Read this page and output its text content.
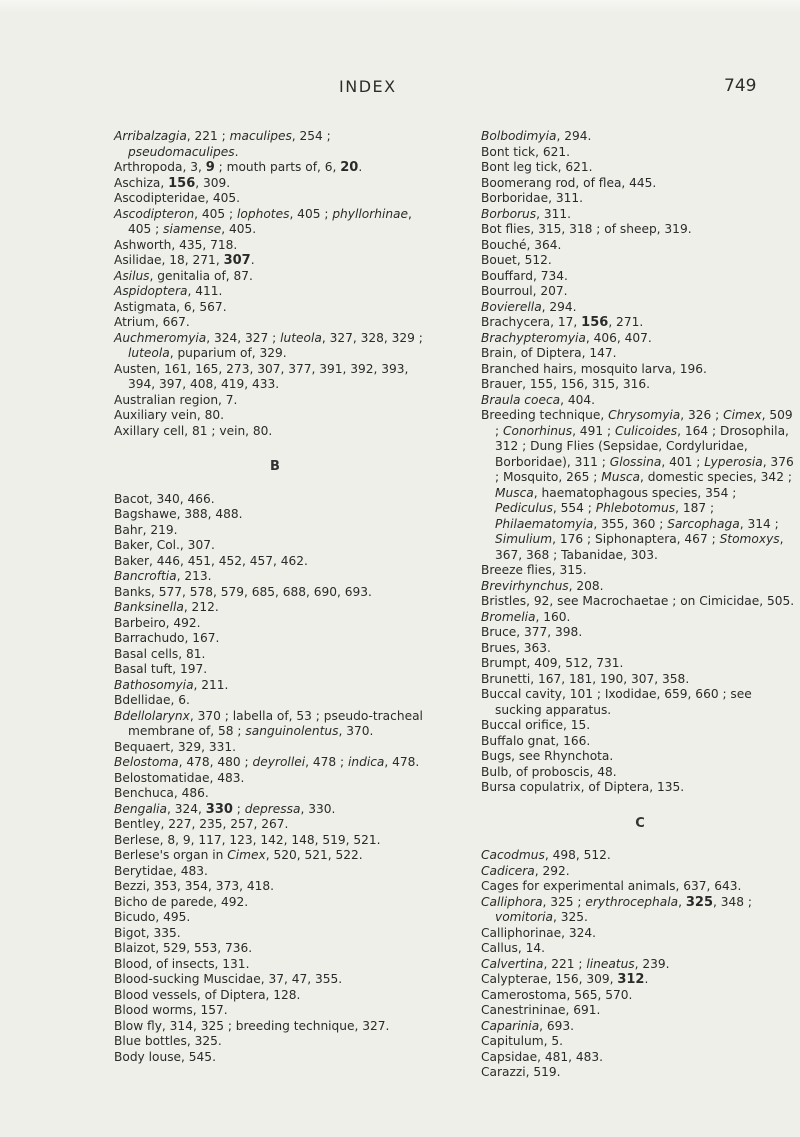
INDEX	749
Arribalzagia, 221 ; maculipes, 254 ; pseudomaculipes.
Arthropoda, 3, 9 ; mouth parts of, 6, 20.
Aschiza, 156, 309.
Ascodipteridae, 405.
Ascodipteron, 405 ; lophotes, 405 ; phyllorhinae, 405 ; siamense, 405.
Ashworth, 435, 718.
Asilidae, 18, 271, 307.
Asilus, genitalia of, 87.
Aspidoptera, 411.
Astigmata, 6, 567.
Atrium, 667.
Auchmeromyia, 324, 327 ; luteola, 327, 328, 329 ; luteola, puparium of, 329.
Austen, 161, 165, 273, 307, 377, 391, 392, 393, 394, 397, 408, 419, 433.
Australian region, 7.
Auxiliary vein, 80.
Axillary cell, 81 ; vein, 80.
B
Bacot, 340, 466.
Bagshawe, 388, 488.
Bahr, 219.
Baker, Col., 307.
Baker, 446, 451, 452, 457, 462.
Bancroftia, 213.
Banks, 577, 578, 579, 685, 688, 690, 693.
Banksinella, 212.
Barbeiro, 492.
Barrachudo, 167.
Basal cells, 81.
Basal tuft, 197.
Bathosomyia, 211.
Bdellidae, 6.
Bdellolarynx, 370 ; labella of, 53 ; pseudo-tracheal membrane of, 58 ; sanguinolentus, 370.
Bequaert, 329, 331.
Belostoma, 478, 480 ; deyrollei, 478 ; indica, 478.
Belostomatidae, 483.
Benchuca, 486.
Bengalia, 324, 330 ; depressa, 330.
Bentley, 227, 235, 257, 267.
Berlese, 8, 9, 117, 123, 142, 148, 519, 521.
Berlese's organ in Cimex, 520, 521, 522.
Berytidae, 483.
Bezzi, 353, 354, 373, 418.
Bicho de parede, 492.
Bicudo, 495.
Bigot, 335.
Blaizot, 529, 553, 736.
Blood, of insects, 131.
Blood-sucking Muscidae, 37, 47, 355.
Blood vessels, of Diptera, 128.
Blood worms, 157.
Blow fly, 314, 325 ; breeding technique, 327.
Blue bottles, 325.
Body louse, 545.
Bolbodimyia, 294.
Bont tick, 621.
Bont leg tick, 621.
Boomerang rod, of flea, 445.
Borboridae, 311.
Borborus, 311.
Bot flies, 315, 318 ; of sheep, 319.
Bouché, 364.
Bouet, 512.
Bouffard, 734.
Bourroul, 207.
Bovierella, 294.
Brachycera, 17, 156, 271.
Brachypteromyia, 406, 407.
Brain, of Diptera, 147.
Branched hairs, mosquito larva, 196.
Brauer, 155, 156, 315, 316.
Braula coeca, 404.
Breeding technique, Chrysomyia, 326 ; Cimex, 509 ; Conorhinus, 491 ; Culicoides, 164 ; Drosophila, 312 ; Dung Flies (Sepsidae, Cordyluridae, Borboridae), 311 ; Glossina, 401 ; Lyperosia, 376 ; Mosquito, 265 ; Musca, domestic species, 342 ; Musca, haematophagous species, 354 ; Pediculus, 554 ; Phlebotomus, 187 ; Philaematomyia, 355, 360 ; Sarcophaga, 314 ; Simulium, 176 ; Siphonaptera, 467 ; Stomoxys, 367, 368 ; Tabanidae, 303.
Breeze flies, 315.
Brevirhynchus, 208.
Bristles, 92, see Macrochaetae ; on Cimicidae, 505.
Bromelia, 160.
Bruce, 377, 398.
Brues, 363.
Brumpt, 409, 512, 731.
Brunetti, 167, 181, 190, 307, 358.
Buccal cavity, 101 ; Ixodidae, 659, 660 ; see sucking apparatus.
Buccal orifice, 15.
Buffalo gnat, 166.
Bugs, see Rhynchota.
Bulb, of proboscis, 48.
Bursa copulatrix, of Diptera, 135.
C
Cacodmus, 498, 512.
Cadicera, 292.
Cages for experimental animals, 637, 643.
Calliphora, 325 ; erythrocephala, 325, 348 ; vomitoria, 325.
Calliphorinae, 324.
Callus, 14.
Calvertina, 221 ; lineatus, 239.
Calypterae, 156, 309, 312.
Camerostoma, 565, 570.
Canestrininae, 691.
Caparinia, 693.
Capitulum, 5.
Capsidae, 481, 483.
Carazzi, 519.
